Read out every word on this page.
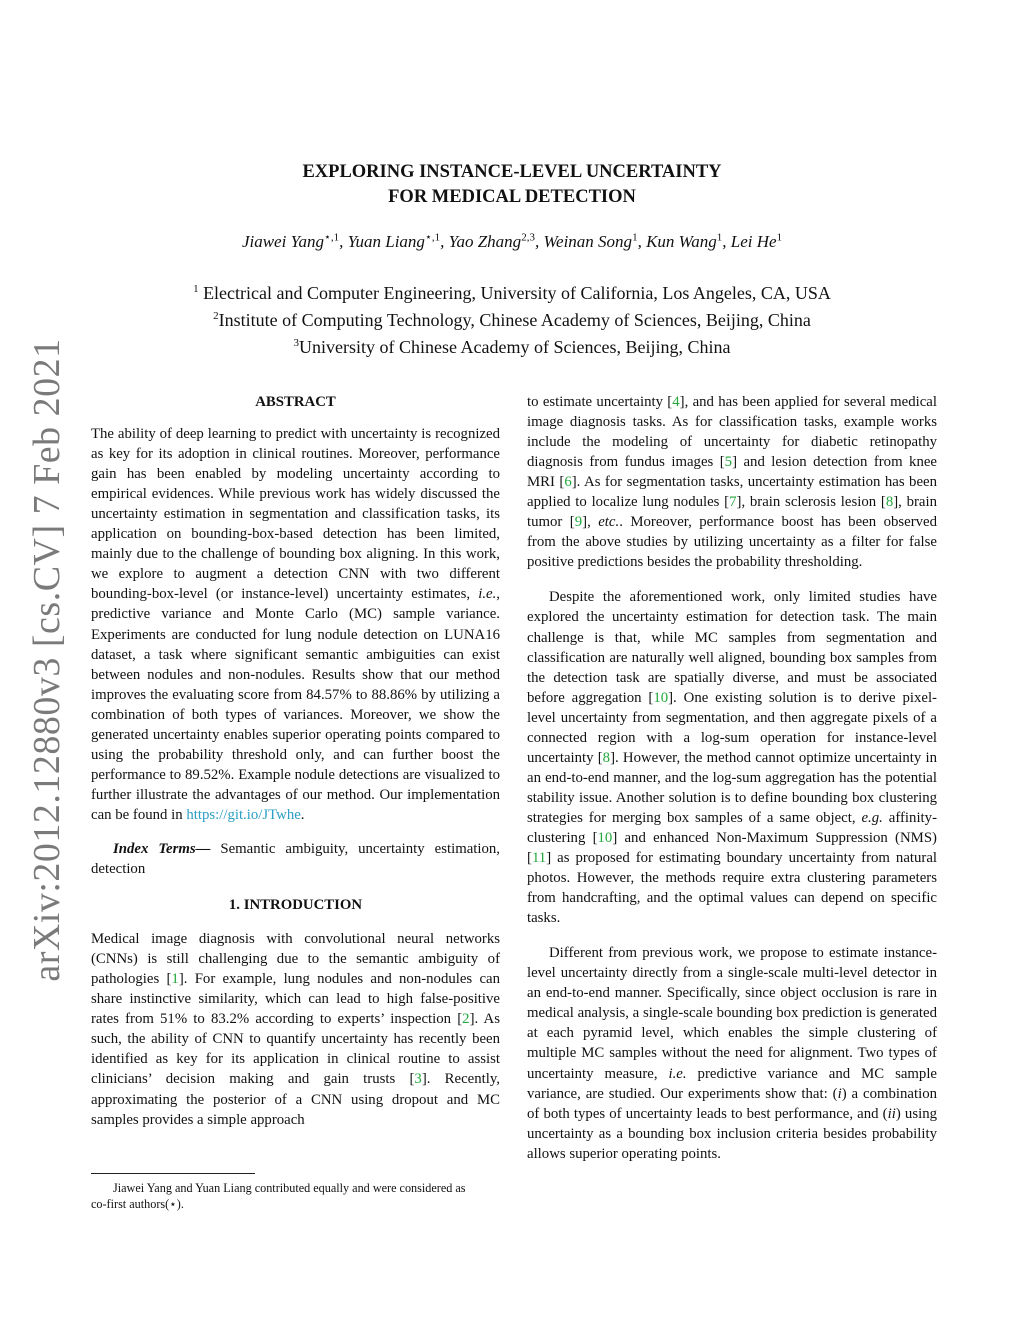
arXiv:2012.12880v3 [cs.CV] 7 Feb 2021
EXPLORING INSTANCE-LEVEL UNCERTAINTY
FOR MEDICAL DETECTION
Jiawei Yang$^{⋆,1}$, Yuan Liang$^{⋆,1}$, Yao Zhang$^{2,3}$, Weinan Song$^1$, Kun Wang$^1$, Lei He$^1$
$^1$ Electrical and Computer Engineering, University of California, Los Angeles, CA, USA
$^2$Institute of Computing Technology, Chinese Academy of Sciences, Beijing, China
$^3$University of Chinese Academy of Sciences, Beijing, China
ABSTRACT

The ability of deep learning to predict with uncertainty is recognized as key for its adoption in clinical routines. Moreover, performance gain has been enabled by modeling uncertainty according to empirical evidences. While previous work has widely discussed the uncertainty estimation in segmentation and classification tasks, its application on bounding-box-based detection has been limited, mainly due to the challenge of bounding box aligning. In this work, we explore to augment a detection CNN with two different bounding-box-level (or instance-level) uncertainty estimates, i.e., predictive variance and Monte Carlo (MC) sample variance. Experiments are conducted for lung nodule detection on LUNA16 dataset, a task where significant semantic ambiguities can exist between nodules and non-nodules. Results show that our method improves the evaluating score from 84.57% to 88.86% by utilizing a combination of both types of variances. Moreover, we show the generated uncertainty enables superior operating points compared to using the probability threshold only, and can further boost the performance to 89.52%. Example nodule detections are visualized to further illustrate the advantages of our method. Our implementation can be found in https://git.io/JTwhe.

Index Terms— Semantic ambiguity, uncertainty estimation, detection

1. INTRODUCTION

Medical image diagnosis with convolutional neural networks (CNNs) is still challenging due to the semantic ambiguity of pathologies [1]. For example, lung nodules and non-nodules can share instinctive similarity, which can lead to high false-positive rates from 51% to 83.2% according to experts’ inspection [2]. As such, the ability of CNN to quantify uncertainty has recently been identified as key for its application in clinical routine to assist clinicians’ decision making and gain trusts [3]. Recently, approximating the posterior of a CNN using dropout and MC samples provides a simple approach

to estimate uncertainty [4], and has been applied for several medical image diagnosis tasks. As for classification tasks, example works include the modeling of uncertainty for diabetic retinopathy diagnosis from fundus images [5] and lesion detection from knee MRI [6]. As for segmentation tasks, uncertainty estimation has been applied to localize lung nodules [7], brain sclerosis lesion [8], brain tumor [9], etc.. Moreover, performance boost has been observed from the above studies by utilizing uncertainty as a filter for false positive predictions besides the probability thresholding.

Despite the aforementioned work, only limited studies have explored the uncertainty estimation for detection task. The main challenge is that, while MC samples from segmentation and classification are naturally well aligned, bounding box samples from the detection task are spatially diverse, and must be associated before aggregation [10]. One existing solution is to derive pixel-level uncertainty from segmentation, and then aggregate pixels of a connected region with a log-sum operation for instance-level uncertainty [8]. However, the method cannot optimize uncertainty in an end-to-end manner, and the log-sum aggregation has the potential stability issue. Another solution is to define bounding box clustering strategies for merging box samples of a same object, e.g. affinity-clustering [10] and enhanced Non-Maximum Suppression (NMS) [11] as proposed for estimating boundary uncertainty from natural photos. However, the methods require extra clustering parameters from handcrafting, and the optimal values can depend on specific tasks.

Different from previous work, we propose to estimate instance-level uncertainty directly from a single-scale multi-level detector in an end-to-end manner. Specifically, since object occlusion is rare in medical analysis, a single-scale bounding box prediction is generated at each pyramid level, which enables the simple clustering of multiple MC samples without the need for alignment. Two types of uncertainty measure, i.e. predictive variance and MC sample variance, are studied. Our experiments show that: (i) a combination of both types of uncertainty leads to best performance, and (ii) using uncertainty as a bounding box inclusion criteria besides probability allows superior operating points.

Jiawei Yang and Yuan Liang contributed equally and were considered as
co-first authors(⋆).
